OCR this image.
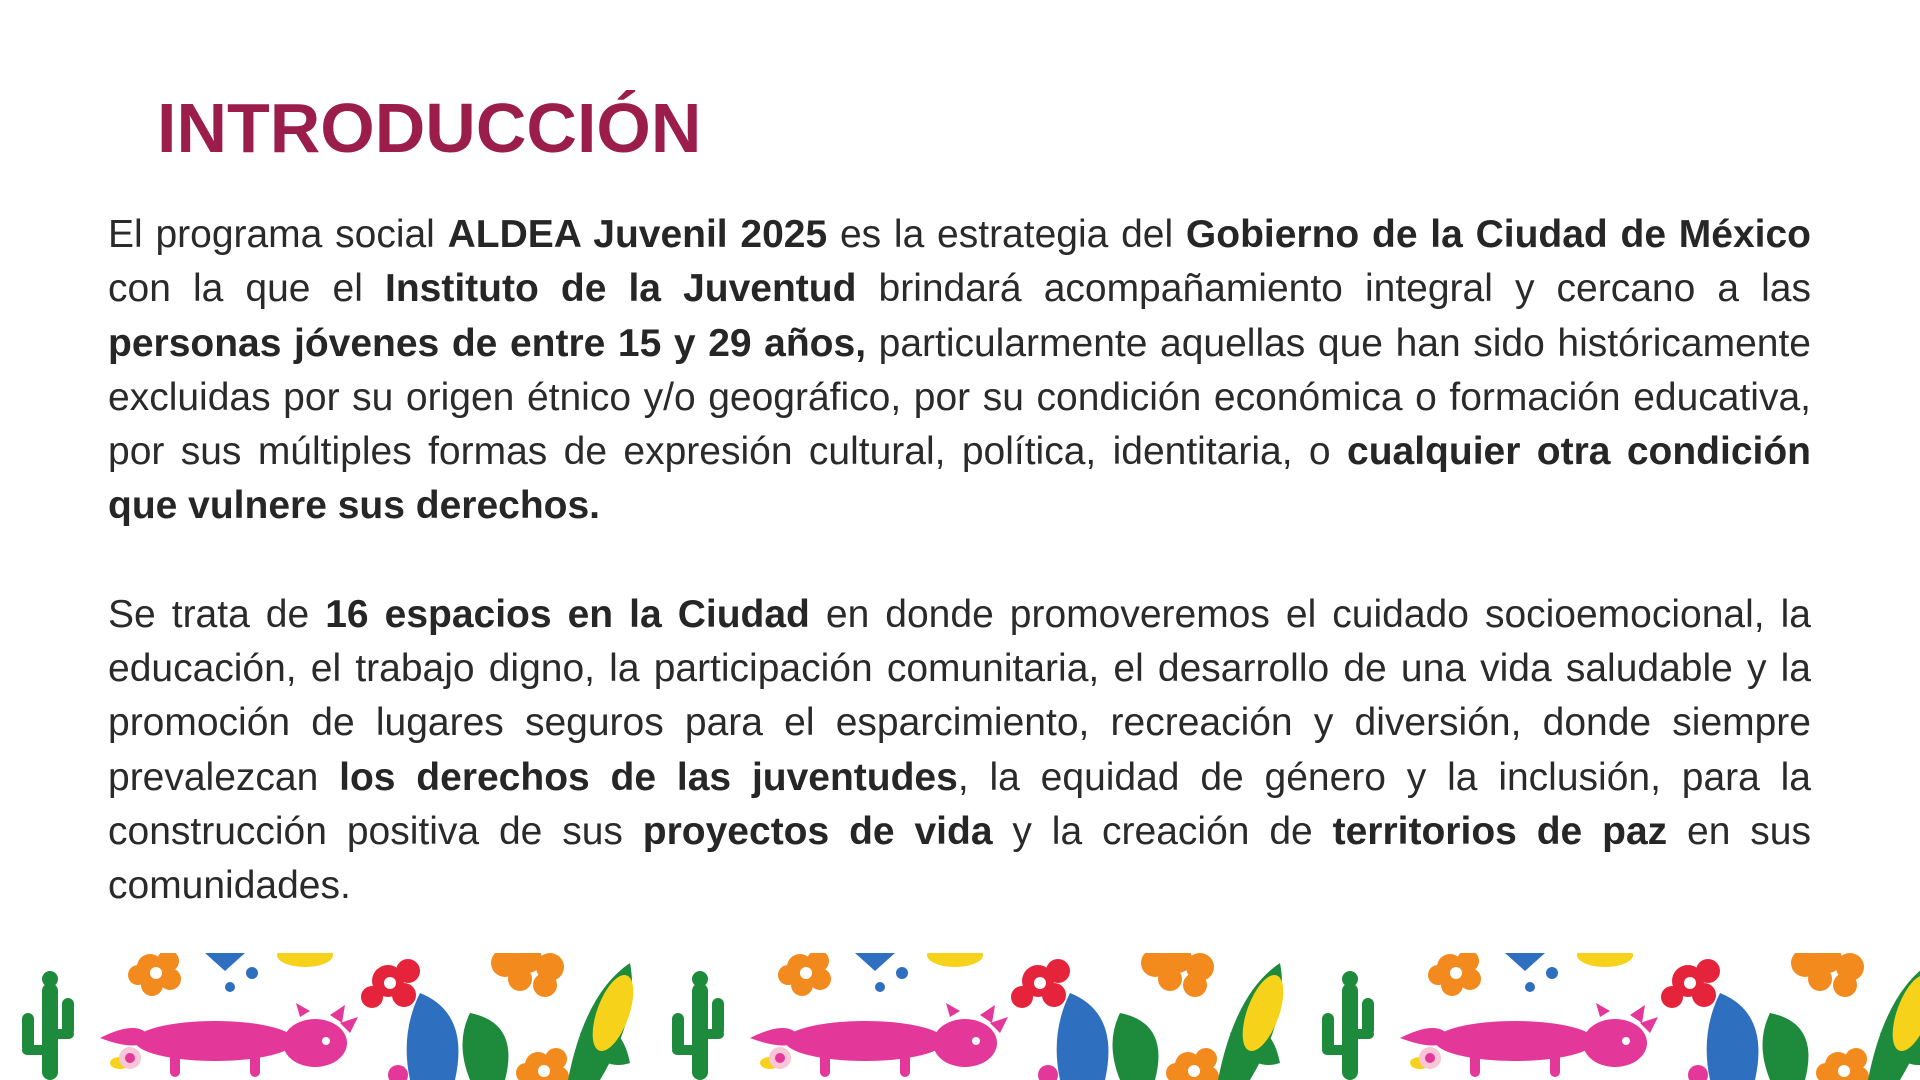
INTRODUCCIÓN

El programa social ALDEA Juvenil 2025 es la estrategia del Gobierno de la Ciudad de México con la que el Instituto de la Juventud brindará acompañamiento integral y cercano a las personas jóvenes de entre 15 y 29 años, particularmente aquellas que han sido históricamente excluidas por su origen étnico y/o geográfico, por su condición económica o formación educativa, por sus múltiples formas de expresión cultural, política, identitaria, o cualquier otra condición que vulnere sus derechos.

Se trata de 16 espacios en la Ciudad en donde promoveremos el cuidado socioemocional, la educación, el trabajo digno, la participación comunitaria, el desarrollo de una vida saludable y la promoción de lugares seguros para el esparcimiento, recreación y diversión, donde siempre prevalezcan los derechos de las juventudes, la equidad de género y la inclusión, para la construcción positiva de sus proyectos de vida y la creación de territorios de paz en sus comunidades.
